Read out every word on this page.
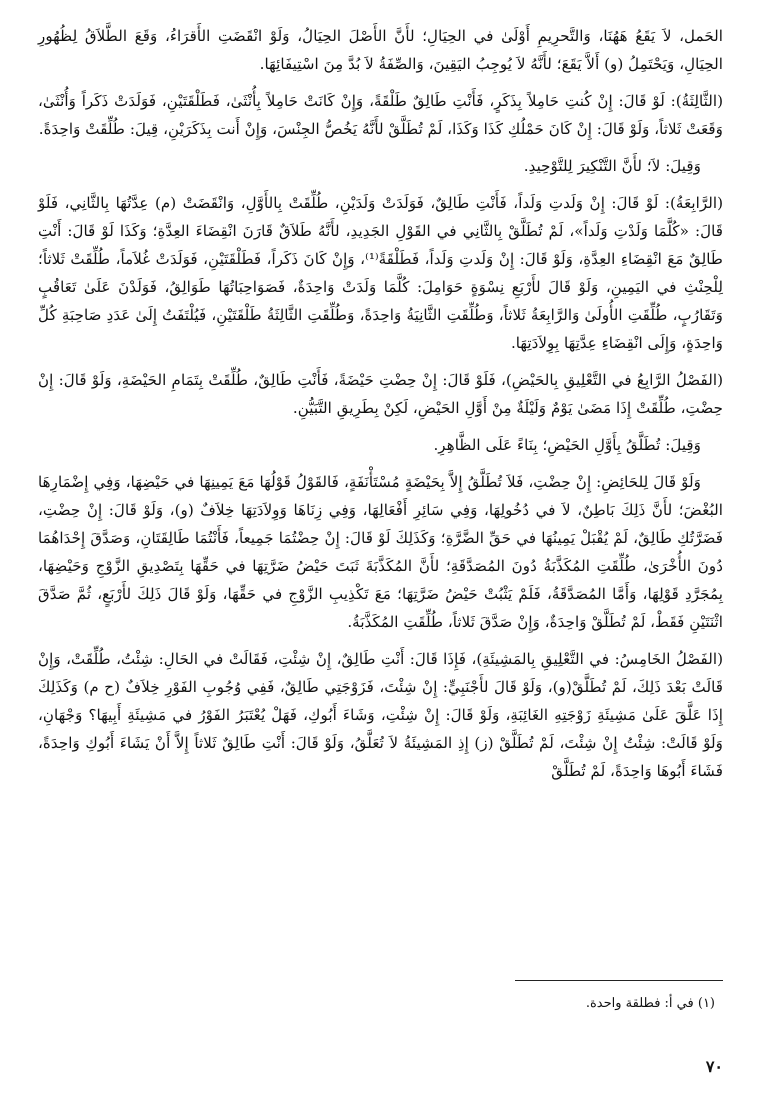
الحَمل، لاَ يَقَعُ هَهُنَا، وَالتَّحرِيمِ أَوْلَىٰ في الحِيَالِ؛ لأَنَّ الأَصْلَ الحِيَالُ، وَلَوْ انْقَضَتِ الأَقرَاءُ، وَقَعَ الطَّلاَقُ لِظُهُورِ الحِيَالِ، وَيَحْتَمِلُ (و) أَلاَّ يَقَعَ؛ لأَنَّهُ لاَ يُوجِبُ اليَقِينَ، وَالصِّفَةُ لاَ بُدَّ مِنَ اسْتِيفَائِهَا.

(الثَّالِثَةُ): لَوْ قَالَ: إِنْ كُنتِ حَامِلاً بِذَكَرٍ، فَأَنْتِ طَالِقٌ طَلْقَةً، وَإِنْ كَانَتْ حَامِلاً بِأُنْثَىٰ، فَطَلْقَتَيْنِ، فَوَلَدَتْ ذَكَراً وَأُنْثَىٰ، وَقَعَتْ ثَلاثاً، وَلَوْ قَالَ: إِنْ كَانَ حَمْلُكِ كَذَا وَكَذَا، لَمْ تُطَلَّقْ لأَنَّهُ يَخُصُّ الجِنْسَ، وَإِنْ أَنت بِذَكَرَيْنِ، قِيلَ: طُلِّقَتْ وَاحِدَةً.

وَقِيلَ: لاَ؛ لأَنَّ التَّنْكِيرَ لِلتَّوْحِيدِ.

(الرَّابِعَةُ): لَوْ قَالَ: إِنْ وَلَدتِ وَلَداً، فَأَنْتِ طَالِقٌ، فَوَلَدَتْ وَلَدَيْنِ، طُلِّقَتْ بِالأَوَّلِ، وَانْقَضَتْ (م) عِدَّتُهَا بِالثَّانِي، فَلَوْ قَالَ: «كُلَّمَا وَلَدْتِ وَلَداً»، لَمْ تُطَلَّقْ بِالثَّانِي في القَوْلِ الجَدِيدِ، لأَنَّهُ طَلاَقٌ قَارَنَ انْقِضَاءَ العِدَّةِ؛ وَكَذَا لَوْ قَالَ: أَنْتِ طَالِقٌ مَعَ انْقِضَاءِ العِدَّةِ، وَلَوْ قَالَ: إِنْ وَلَدتِ وَلَداً، فَطَلْقَةً⁽¹⁾، وَإِنْ كَانَ ذَكَراً، فَطَلْقَتَيْنِ، فَوَلَدَتْ غُلاَماً، طُلِّقَتْ ثَلاثاً؛ لِلْحِنْثِ في اليَمِينِ، وَلَوْ قَالَ لأَرْبَعِ نِسْوَةٍ حَوَامِلَ: كُلَّمَا وَلَدَتْ وَاحِدَةٌ، فَصَوَاحِبَاتُهَا طَوَالِقُ، فَوَلَدْنَ عَلَىٰ تَعَاقُبٍ وَتَقَارُبٍ، طُلِّقَتِ الأُولَىٰ وَالرَّابِعَةُ ثَلاثاً، وَطُلِّقَتِ الثَّانِيَةُ وَاحِدَةً، وَطُلِّقَتِ الثَّالِثَةُ طَلْقَتَيْنِ، فَيُلْتَفَتُ إِلَىٰ عَدَدِ صَاحِبَةِ كُلِّ وَاحِدَةٍ، وَإِلَى انْقِضَاءِ عِدَّتِهَا بِوِلاَدَتِهَا.

(الفَصْلُ الرَّابِعُ في التَّعْلِيقِ بِالحَيْضِ)، فَلَوْ قَالَ: إِنْ حِضْتِ حَيْضَةً، فَأَنْتِ طَالِقٌ، طُلِّقَتْ بِتَمَامِ الحَيْضَةِ، وَلَوْ قَالَ: إِنْ حِضْتِ، طُلِّقَتْ إِذَا مَضَىٰ يَوْمٌ وَلَيْلَةٌ مِنْ أَوَّلِ الحَيْضِ، لَكِنْ بِطَرِيقِ التَّبَيُّنِ.

وَقِيلَ: تُطَلَّقُ بِأَوَّلِ الحَيْضِ؛ بِنَاءً عَلَى الظَّاهِرِ.

وَلَوْ قَالَ لِلحَائِضِ: إِنْ حِضْتِ، فَلاَ تُطَلَّقُ إِلاَّ بِحَيْضَةٍ مُسْتَأْنَفَةٍ، فَالقَوْلُ قَوْلُهَا مَعَ يَمِينِهَا في حَيْضِهَا، وَفِي إِضْمَارِهَا البُغْضَ؛ لأَنَّ ذَلِكَ بَاطِنٌ، لاَ في دُخُولِهَا، وَفِي سَائِرِ أَفْعَالِهَا، وَفِي زِنَاهَا وَوِلاَدَتِهَا خِلاَفٌ (و)، وَلَوْ قَالَ: إِنْ حِضْتِ، فَضَرَّتُكِ طَالِقٌ، لَمْ يُقْبَلْ يَمِينُهَا في حَقِّ الضَّرَّةِ؛ وَكَذَلِكَ لَوْ قَالَ: إِنْ حِضْتُمَا جَمِيعاً، فَأَنْتُمَا طَالِقَتَانِ، وَصَدَّقَ إِحْدَاهُمَا دُونَ الأُخْرَىٰ، طُلِّقَتِ المُكَذَّبَةُ دُونَ المُصَدَّقَةِ؛ لأَنَّ المُكَذَّبَةَ ثَبَتَ حَيْضُ ضَرَّتِهَا في حَقِّهَا بِتَصْدِيقِ الزَّوْجِ وَحَيْضِهَا، بِمُجَرَّدِ قَوْلِهَا، وَأَمَّا المُصَدَّقَةُ، فَلَمْ يَثْبُتْ حَيْضُ ضَرَّتِهَا؛ مَعَ تَكْذِيبِ الزَّوْجِ في حَقِّهَا، وَلَوْ قَالَ ذَلِكَ لأَرْبَعٍ، ثُمَّ صَدَّقَ اثْنَتَيْنِ فَقَطْ، لَمْ تُطَلَّقْ وَاحِدَةٌ، وَإِنْ صَدَّقَ ثَلاثاً، طُلِّقَتِ المُكَذَّبَةُ.

(الفَصْلُ الخَامِسُ: في التَّعْلِيقِ بِالمَشِيئَةِ)، فَإِذَا قَالَ: أَنْتِ طَالِقٌ، إِنْ شِئْتِ، فَقَالَتْ في الحَالِ: شِئْتُ، طُلِّقَتْ، وَإِنْ قَالَتْ بَعْدَ ذَلِكَ، لَمْ تُطَلَّقْ(و)، وَلَوْ قَالَ لأَجْنَبِيٍّ: إِنْ شِئْتَ، فَزَوْجَتِي طَالِقٌ، فَفِي وُجُوبِ الفَوْرِ خِلاَفٌ (ح م) وَكَذَلِكَ إِذَا عَلَّقَ عَلَىٰ مَشِيئَةِ زَوْجَتِهِ الغَائِبَةِ، وَلَوْ قَالَ: إِنْ شِئْتِ، وَشَاءَ أَبُوكِ، فَهَلْ يُعْتَبَرُ الفَوْرُ في مَشِيئَةِ أَبِيهَا؟ وَجْهَانِ، وَلَوْ قَالَتْ: شِئْتُ إِنْ شِئْتَ، لَمْ تُطَلَّقْ (ز) إِذِ المَشِيئَةُ لاَ تُعَلَّقُ، وَلَوْ قَالَ: أَنْتِ طَالِقٌ ثَلاثاً إِلاَّ أَنْ يَشَاءَ أَبُوكِ وَاحِدَةً، فَشَاءَ أَبُوهَا وَاحِدَةً، لَمْ تُطَلَّقْ

(١) في أ: فطلقة واحدة.
٧٠
